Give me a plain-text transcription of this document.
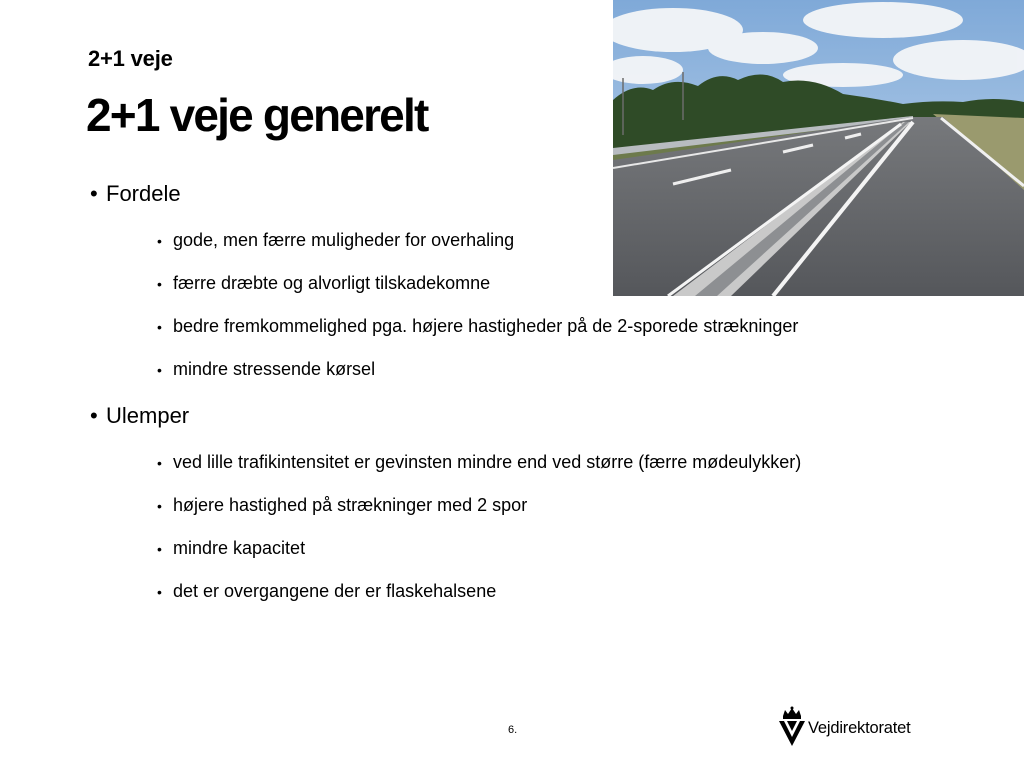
2+1 veje
2+1 veje generelt
• Fordele
• gode, men færre muligheder for overhaling
• færre dræbte og alvorligt tilskadekomne
• bedre fremkommelighed pga. højere hastigheder på de 2-sporede strækninger
• mindre stressende kørsel
• Ulemper
• ved lille trafikintensitet er gevinsten mindre end ved større (færre mødeulykker)
• højere hastighed på strækninger med 2 spor
• mindre kapacitet
• det er overgangene der er flaskehalsene
6.	Vejdirektoratet
